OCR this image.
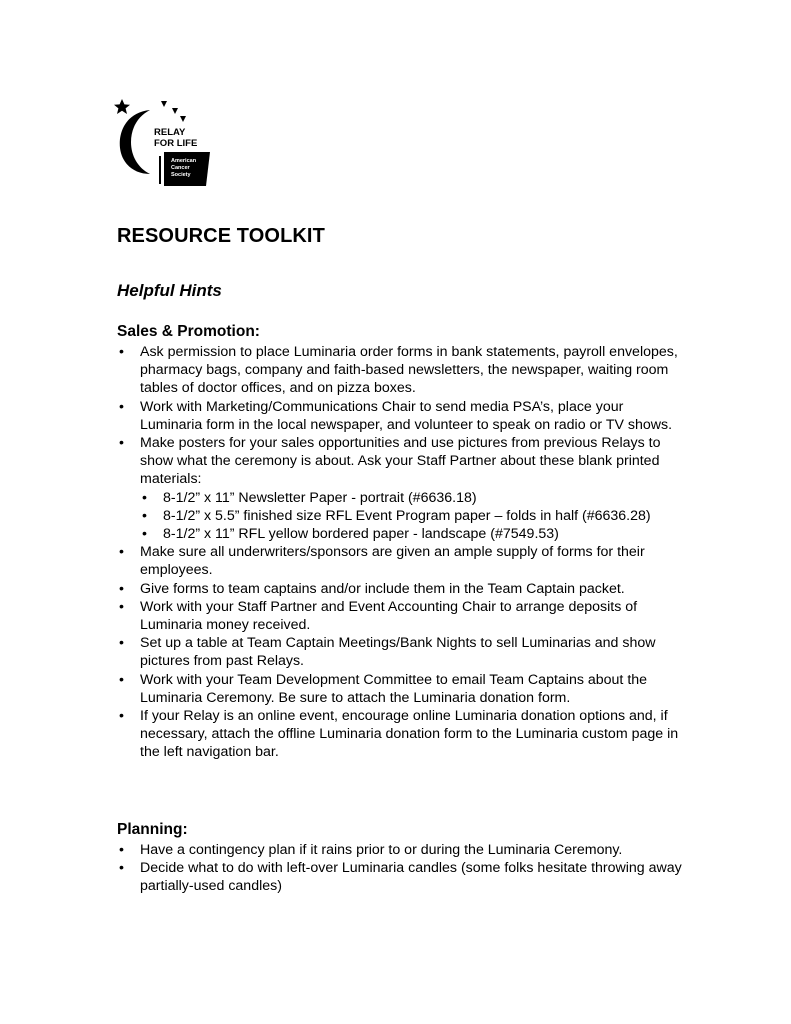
RELAY
FOR LIFE
American
Cancer
Society
RESOURCE TOOLKIT
Helpful Hints
Sales & Promotion:
• Ask permission to place Luminaria order forms in bank statements, payroll envelopes, pharmacy bags, company and faith-based newsletters, the newspaper, waiting room tables of doctor offices, and on pizza boxes.
• Work with Marketing/Communications Chair to send media PSA’s, place your Luminaria form in the local newspaper, and volunteer to speak on radio or TV shows.
• Make posters for your sales opportunities and use pictures from previous Relays to show what the ceremony is about. Ask your Staff Partner about these blank printed materials:
• 8-1/2” x 11” Newsletter Paper - portrait (#6636.18)
• 8-1/2” x 5.5” finished size RFL Event Program paper – folds in half (#6636.28)
• 8-1/2” x 11” RFL yellow bordered paper - landscape (#7549.53)
• Make sure all underwriters/sponsors are given an ample supply of forms for their employees.
• Give forms to team captains and/or include them in the Team Captain packet.
• Work with your Staff Partner and Event Accounting Chair to arrange deposits of Luminaria money received.
• Set up a table at Team Captain Meetings/Bank Nights to sell Luminarias and show pictures from past Relays.
• Work with your Team Development Committee to email Team Captains about the Luminaria Ceremony. Be sure to attach the Luminaria donation form.
• If your Relay is an online event, encourage online Luminaria donation options and, if necessary, attach the offline Luminaria donation form to the Luminaria custom page in the left navigation bar.
Planning:
• Have a contingency plan if it rains prior to or during the Luminaria Ceremony.
• Decide what to do with left-over Luminaria candles (some folks hesitate throwing away partially-used candles)
